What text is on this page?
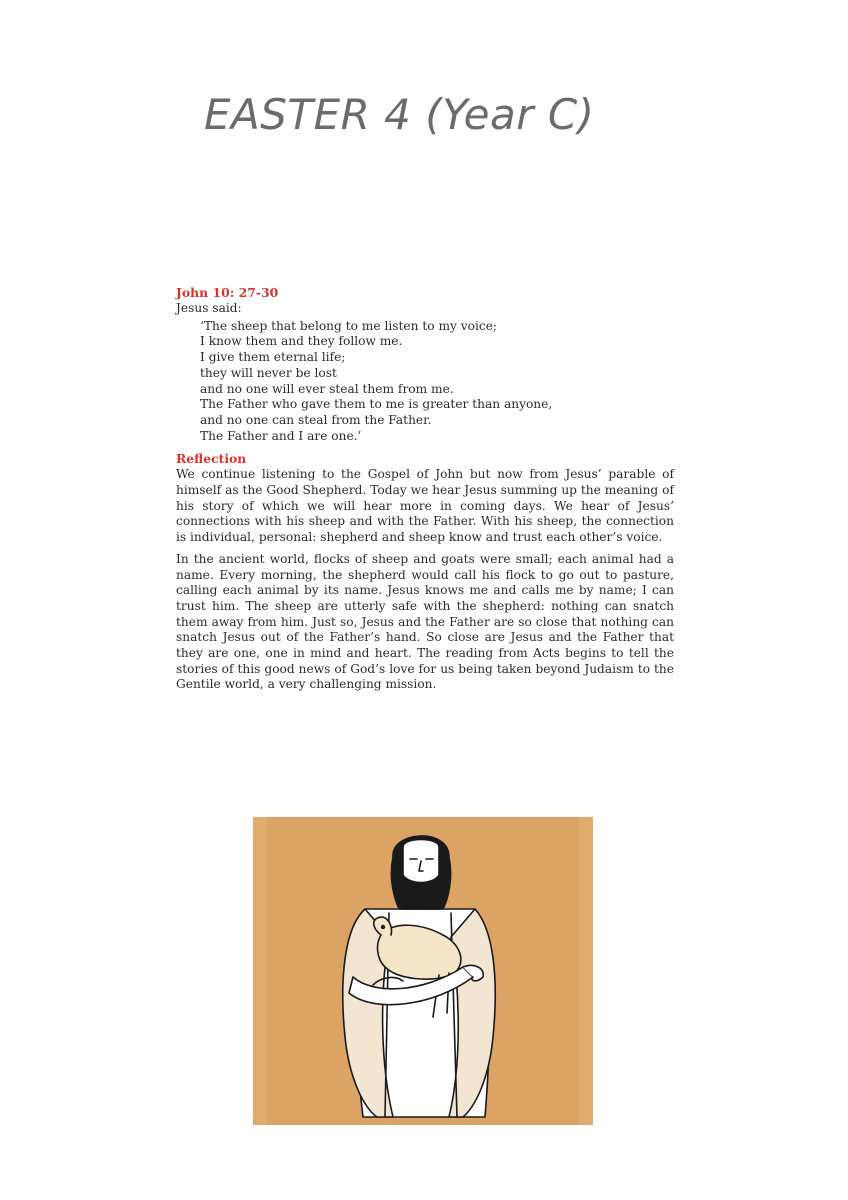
EASTER 4 (Year C)

John 10: 27-30

Jesus said:

‘The sheep that belong to me listen to my voice;
I know them and they follow me.
I give them eternal life;
they will never be lost
and no one will ever steal them from me.
The Father who gave them to me is greater than anyone,
and no one can steal from the Father.
The Father and I are one.’

Reflection

We continue listening to the Gospel of John but now from Jesus’ parable of himself as the Good Shepherd. Today we hear Jesus summing up the meaning of his story of which we will hear more in coming days. We hear of Jesus’ connections with his sheep and with the Father. With his sheep, the connection is individual, personal: shepherd and sheep know and trust each other’s voice.

In the ancient world, flocks of sheep and goats were small; each animal had a name. Every morning, the shepherd would call his flock to go out to pasture, calling each animal by its name. Jesus knows me and calls me by name; I can trust him. The sheep are utterly safe with the shepherd: nothing can snatch them away from him. Just so, Jesus and the Father are so close that nothing can snatch Jesus out of the Father’s hand. So close are Jesus and the Father that they are one, one in mind and heart. The reading from Acts begins to tell the stories of this good news of God’s love for us being taken beyond Judaism to the Gentile world, a very challenging mission.
